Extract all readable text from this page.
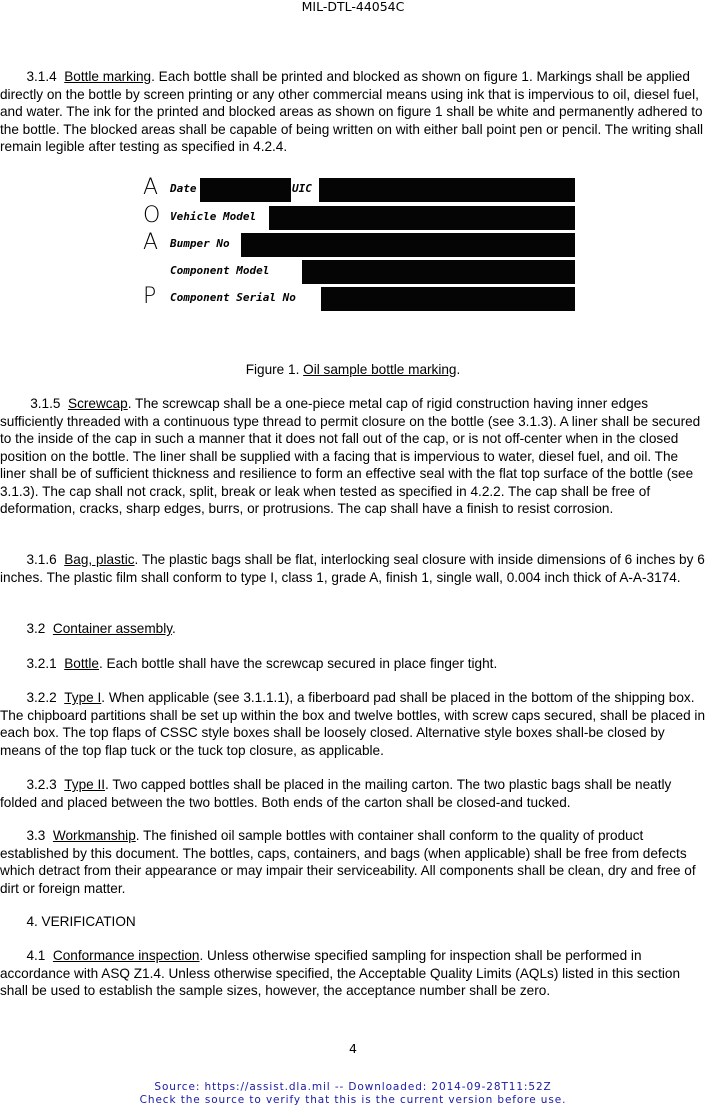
MIL-DTL-44054C

3.1.4 Bottle marking. Each bottle shall be printed and blocked as shown on figure 1. Markings shall be applied directly on the bottle by screen printing or any other commercial means using ink that is impervious to oil, diesel fuel, and water. The ink for the printed and blocked areas as shown on figure 1 shall be white and permanently adhered to the bottle. The blocked areas shall be capable of being written on with either ball point pen or pencil. The writing shall remain legible after testing as specified in 4.2.4.

A	Date	UIC
O Vehicle Model
A	Bumper No
Component Model
P	Component Serial No
Figure 1. Oil sample bottle marking.

3.1.5 Screwcap. The screwcap shall be a one-piece metal cap of rigid construction having inner edges sufficiently threaded with a continuous type thread to permit closure on the bottle (see 3.1.3). A liner shall be secured to the inside of the cap in such a manner that it does not fall out of the cap, or is not off-center when in the closed position on the bottle. The liner shall be supplied with a facing that is impervious to water, diesel fuel, and oil. The liner shall be of sufficient thickness and resilience to form an effective seal with the flat top surface of the bottle (see 3.1.3). The cap shall not crack, split, break or leak when tested as specified in 4.2.2. The cap shall be free of deformation, cracks, sharp edges, burrs, or protrusions. The cap shall have a finish to resist corrosion.

3.1.6 Bag, plastic. The plastic bags shall be flat, interlocking seal closure with inside dimensions of 6 inches by 6 inches. The plastic film shall conform to type I, class 1, grade A, finish 1, single wall, 0.004 inch thick of A-A-3174.

3.2 Container assembly.

3.2.1 Bottle. Each bottle shall have the screwcap secured in place finger tight.

3.2.2 Type I. When applicable (see 3.1.1.1), a fiberboard pad shall be placed in the bottom of the shipping box. The chipboard partitions shall be set up within the box and twelve bottles, with screw caps secured, shall be placed in each box. The top flaps of CSSC style boxes shall be loosely closed. Alternative style boxes shall-be closed by means of the top flap tuck or the tuck top closure, as applicable.

3.2.3 Type II. Two capped bottles shall be placed in the mailing carton. The two plastic bags shall be neatly folded and placed between the two bottles. Both ends of the carton shall be closed-and tucked.

3.3 Workmanship. The finished oil sample bottles with container shall conform to the quality of product established by this document. The bottles, caps, containers, and bags (when applicable) shall be free from defects which detract from their appearance or may impair their serviceability. All components shall be clean, dry and free of dirt or foreign matter.

4. VERIFICATION

4.1 Conformance inspection. Unless otherwise specified sampling for inspection shall be performed in accordance with ASQ Z1.4. Unless otherwise specified, the Acceptable Quality Limits (AQLs) listed in this section shall be used to establish the sample sizes, however, the acceptance number shall be zero.

4
Source: https://assist.dla.mil -- Downloaded: 2014-09-28T11:52Z
Check the source to verify that this is the current version before use.
